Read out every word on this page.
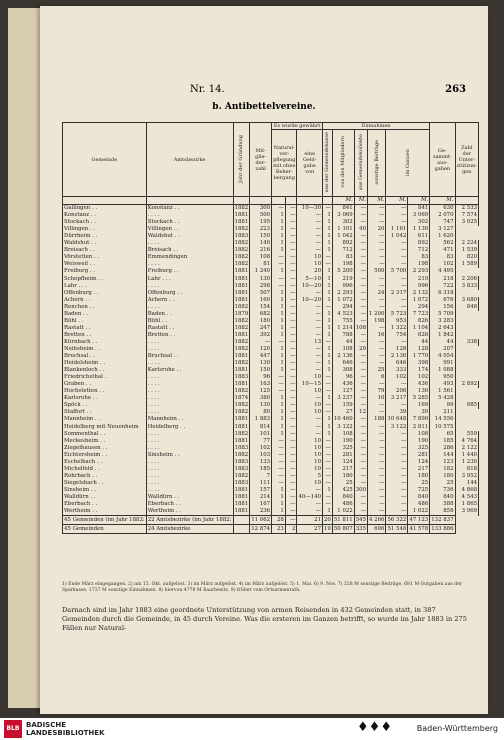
Nr. 14.	263
b. Antibettelvereine.
Gemeinde	Amtsbezirke	Jahr der Gründung	Mit-glie-der-zahl	Es wurde gewährt			Einnahmen						Ge-sammt-aus-gaben	Zahl der Unter-stützun-gen
				Natural-ver-pflegung mit ohne Beher-bergung		eine Geld-gabe von	aus der Gemeindekasse	von den Mitgliedern	aus Gemeindekollekte	sonstige Beiträge	im Ganzen			
								M.	M.	M.	M.	M.	M.	
Gailingen . .	Konstanz . .	1882	300	—	—	10—30	—	841	—	—	—	841	630	2 533
Konstanz . .	. . . .	1881	500	1	—	—	1	3 069	—	—	—	3 069	2 070	7 574
Stockach . .	Stockach . .	1881	195	1	—	—	1	302	—	—	—	302	747	3 025
Villingen . .	Villingen . .	1882	223	1	—	—	1	1 101	40	20	1 161	1 130	3 127	
Dürrheim . .	Waldshut . .	1883	150	1	—	—	1	1 042	—	—	1 042	611	1 620	
Waldshut . .	. . . .	1882	140	1	—	—	1	892	—	—	—	892	562	2 224
Breisach . .	Breisach . .	1882	216	1	—	—	1	712	—	—	—	712	471	1 539
Vörstetten . .	Emmendingen	1882	108	—	—	10	—	83	—	—	—	83	83	820
Weisweil . .	. . . .	1882	81	—	—	10	—	198	—	—	—	198	102	1 589
Freiburg . .	Freiburg . .	1881	1 240	1	—	20	1	5 200	—	500	5 700	2 293	4 495	
Schopfheim . .	Lahr . . .	1881	130	—	—	5—10	1	219	—	—	—	219	218	2 206
Lahr . . .	. . . .	1881	298	—	—	10—20	1	996	—	—	—	996	722	3 833
Offenburg . .	Offenburg . .	1881	507	1	—	—	1	2 293	—	24	2 317	2 132	6 318	
Achern . .	Achern . .	1881	160	1	—	10—20	1	1 072	—	—	—	1 072	676	3 680
Renchen . .	. . . .	1882	154	1	—	—	—	294	—	—	—	294	156	848
Baden . .	Baden . .	1879	682	1	—	—	1	4 523	—	1 200	5 723	7 723	5 709	
Bühl . .	Bühl . .	1882	180	1	—	—	1	755	—	198	953	826	3 283	
Rastatt . .	Rastatt . .	1882	247	1	—	—	1	1 214	108	—	1 322	1 104	2 643	
Bretten . .	Bretten . .	1881	392	1	—	—	1	788	—	16	754	826	1 842	
Kürnbach . .	. . . .	1882	—	—	—	13	—	44	—	—	—	44	44	338
Neibsheim . .	. . . .	1882	120	1	—	—	1	108	20	—	128	128	207	
Bruchsal . .	Bruchsal . .	1881	447	1	—	—	1	2 136	—	—	2 136	1 770	4 054	
Heidelsheim . .	. . . .	1882	130	1	—	—	1	646	—	—	646	398	991	
Blankenloch . .	Karlsruhe . .	1881	150	1	—	—	1	308	—	25	333	174	1 088	
Friedrichsthal .	. . . .	1883	96	—	—	10	—	96	—	6	102	102	950	
Graben . .	. . . .	1881	163	—	—	10—15	—	436	—	—	—	436	493	2 892
Hochstetten . .	. . . .	1882	125	—	—	10	—	127	—	79	206	136	1 561	
Karlsruhe . .	. . . .	1874	380	1	—	—	1	3 237	—	10	3 217	5 285	5 428	
Spöck . .	. . . .	1882	130	1	—	10	—	159	—	—	—	169	99	985
Staffort . .	. . . .	1882	80	1	—	10	—	27	12	—	39	39	211	
Mannheim . .	Mannheim . .	1881	1 883	1	—	—	1	10 460	—	188	10 648	7 890	14 556	
Heidelberg mit Neuenheim	Heidelberg . .	1881	814	1	—	—	1	3 122	—	—	3 122	2 811	10 575	
Sommenthal . .	. . . .	1882	101	1	—	—	1	108	—	—	—	108	65	559
Meckesheim . .	. . . .	1881	77	—	—	10	—	190	—	—	—	190	185	4 764
Ziegelhausen . .	. . . .	1883	102	—	—	10	—	325	—	—	—	325	286	2 122
Eichtersheim . .	Sinsheim . .	1882	103	—	—	10	—	281	—	—	—	281	144	1 440
Eschelbach . .	. . . .	1883	133	—	—	10	—	124	—	—	—	124	123	1 230
Michelfeld . .	. . . .	1883	185	—	—	10	—	217	—	—	—	217	182	818
Rohrbach . .	. . . .	1882	7	—	—	5	—	180	—	—	—	180	180	3 952
Siegelsbach . .	. . . .	1883	111	—	—	10	—	25	—	—	—	25	25	144
Sinsheim . .	. . . .	1881	157	1	—	—	1	425	300	—	—	725	736	4 868
Walldürn . .	Walldürn . .	1881	214	1	—	40—140	—	840	—	—	—	840	840	4 543
Eberbach . .	Eberbach . .	1881	167	1	—	—	—	486	—	—	—	486	588	1 865
Wertheim . .	Wertheim . .	1881	236	1	—	—	1	1 022	—	—	—	1 022	858	3 969
45 Gemeinden (im Jahr 1882:	22 Amtsbezirke (im Jahr 1882:		11 062	28	—	21	20	51 811	545	4 266	56 322	47 123	132 837	
45 Gemeinden	24 Amtsbezirke		12 874	23	2	27	19	50 807	335	606	51 548	41 578	133 886	
1) Ende März eingegangen. 2) am 15. Okt. aufgelöst. 3) im März aufgelöst. 4) im März aufgelöst. 5) 1. Mai. 6) 9. Nov. 7) 328 M sonstige Beiträge, 681 M Gutgaben aus der Sparkasse, 1737 M sonstige Einnahmen. 8) hiervon 4778 M Baarbesitz. 9) früher vom Ortsarmenrath.
Darnach sind im Jahr 1883 eine geordnete Unterstützung von armen Reisenden in 432 Gemeinden statt, in 387 Gemeinden durch die Gemeinde, in 45 durch Vereine. Was die ersteren im Ganzen betrifft, so wurde im Jahr 1883 in 275 Fällen nur Natural-
BLB BADISCHE
LANDESBIBLIOTHEK	♦♦♦	Baden-Württemberg
